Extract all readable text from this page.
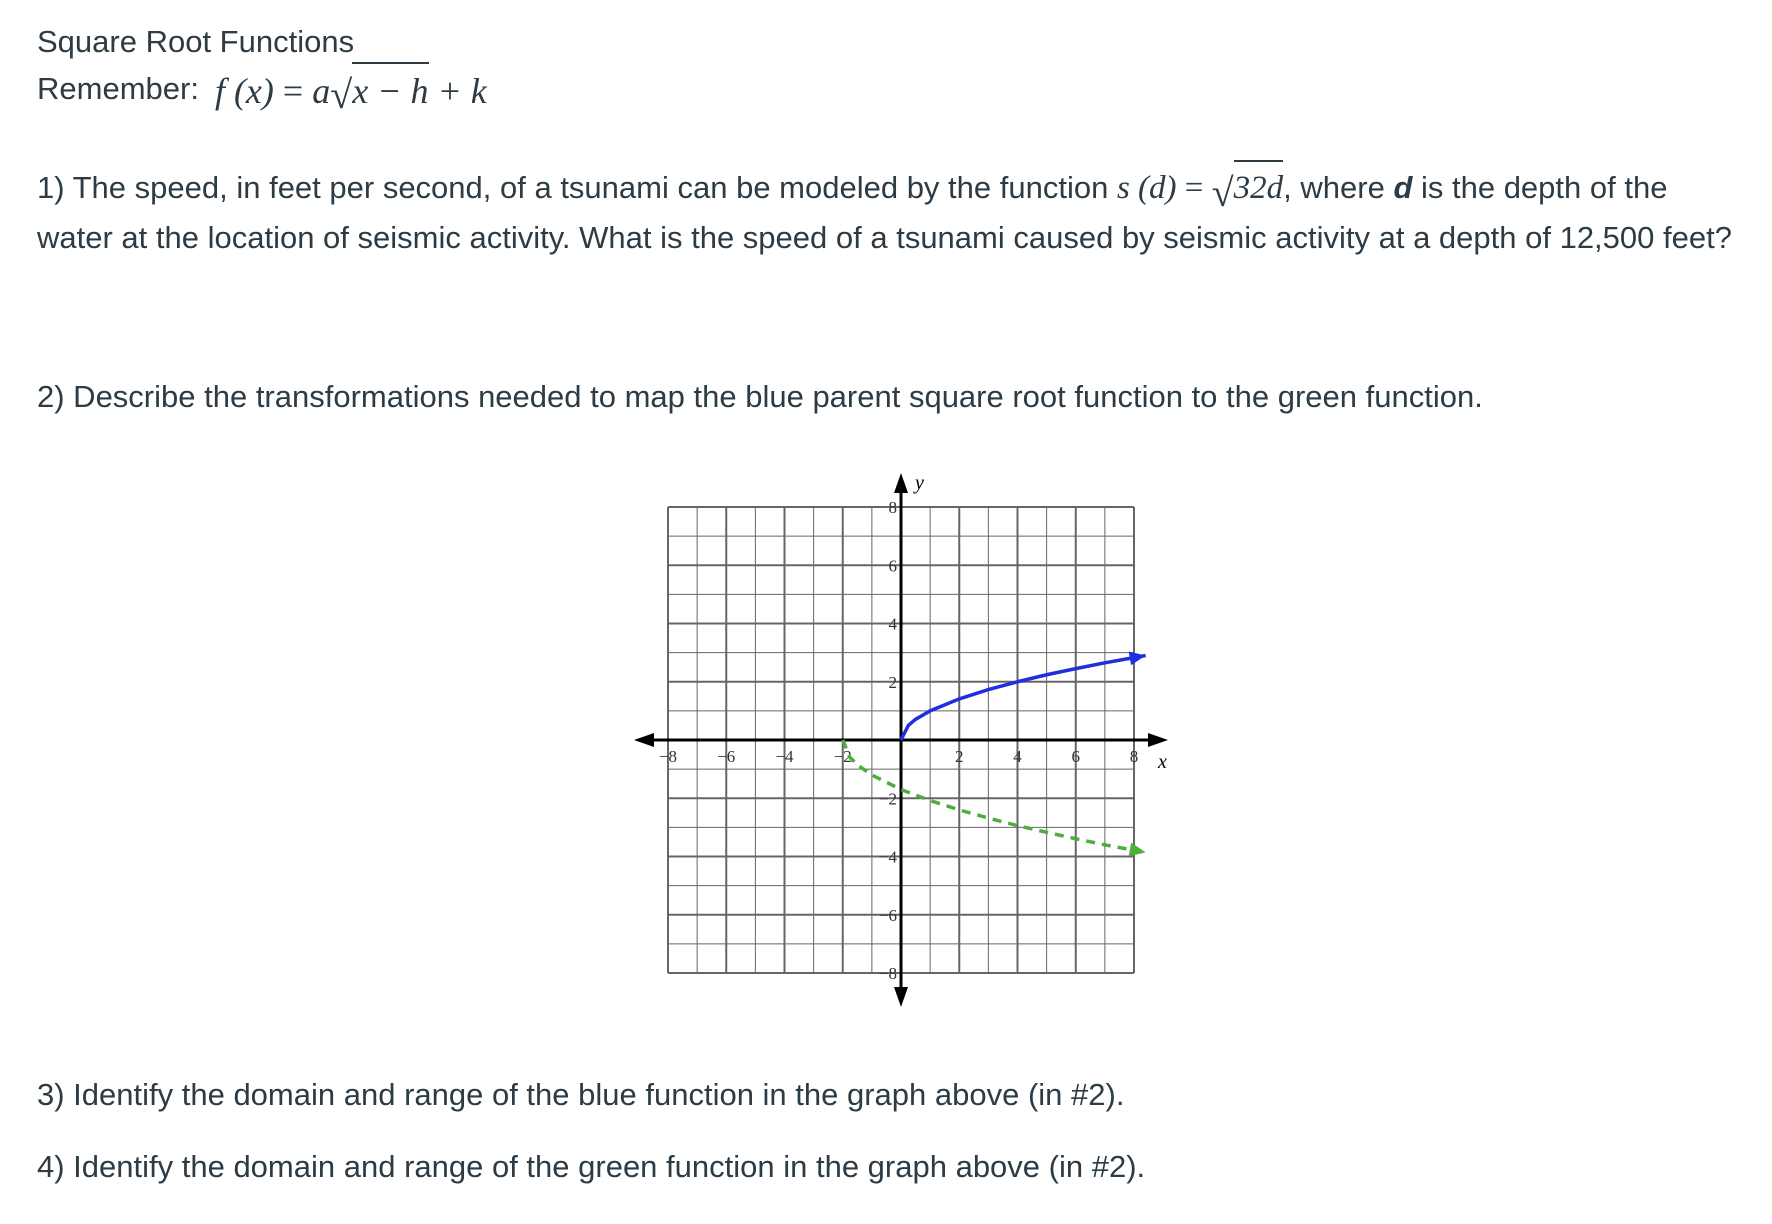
Square Root Functions
Remember: f (x) = a √ x − h + k

1) The speed, in feet per second, of a tsunami can be modeled by the function s (d) = √ 32d, where d is the depth of the water at the location of seismic activity. What is the speed of a tsunami caused by seismic activity at a depth of 12,500 feet?

2) Describe the transformations needed to map the blue parent square root function to the green function.

x
y
−8 −6 −4 −2	2	4	6	8
8
6
4
2
−2
−4
−6
−8

3) Identify the domain and range of the blue function in the graph above (in #2).

4) Identify the domain and range of the green function in the graph above (in #2).
